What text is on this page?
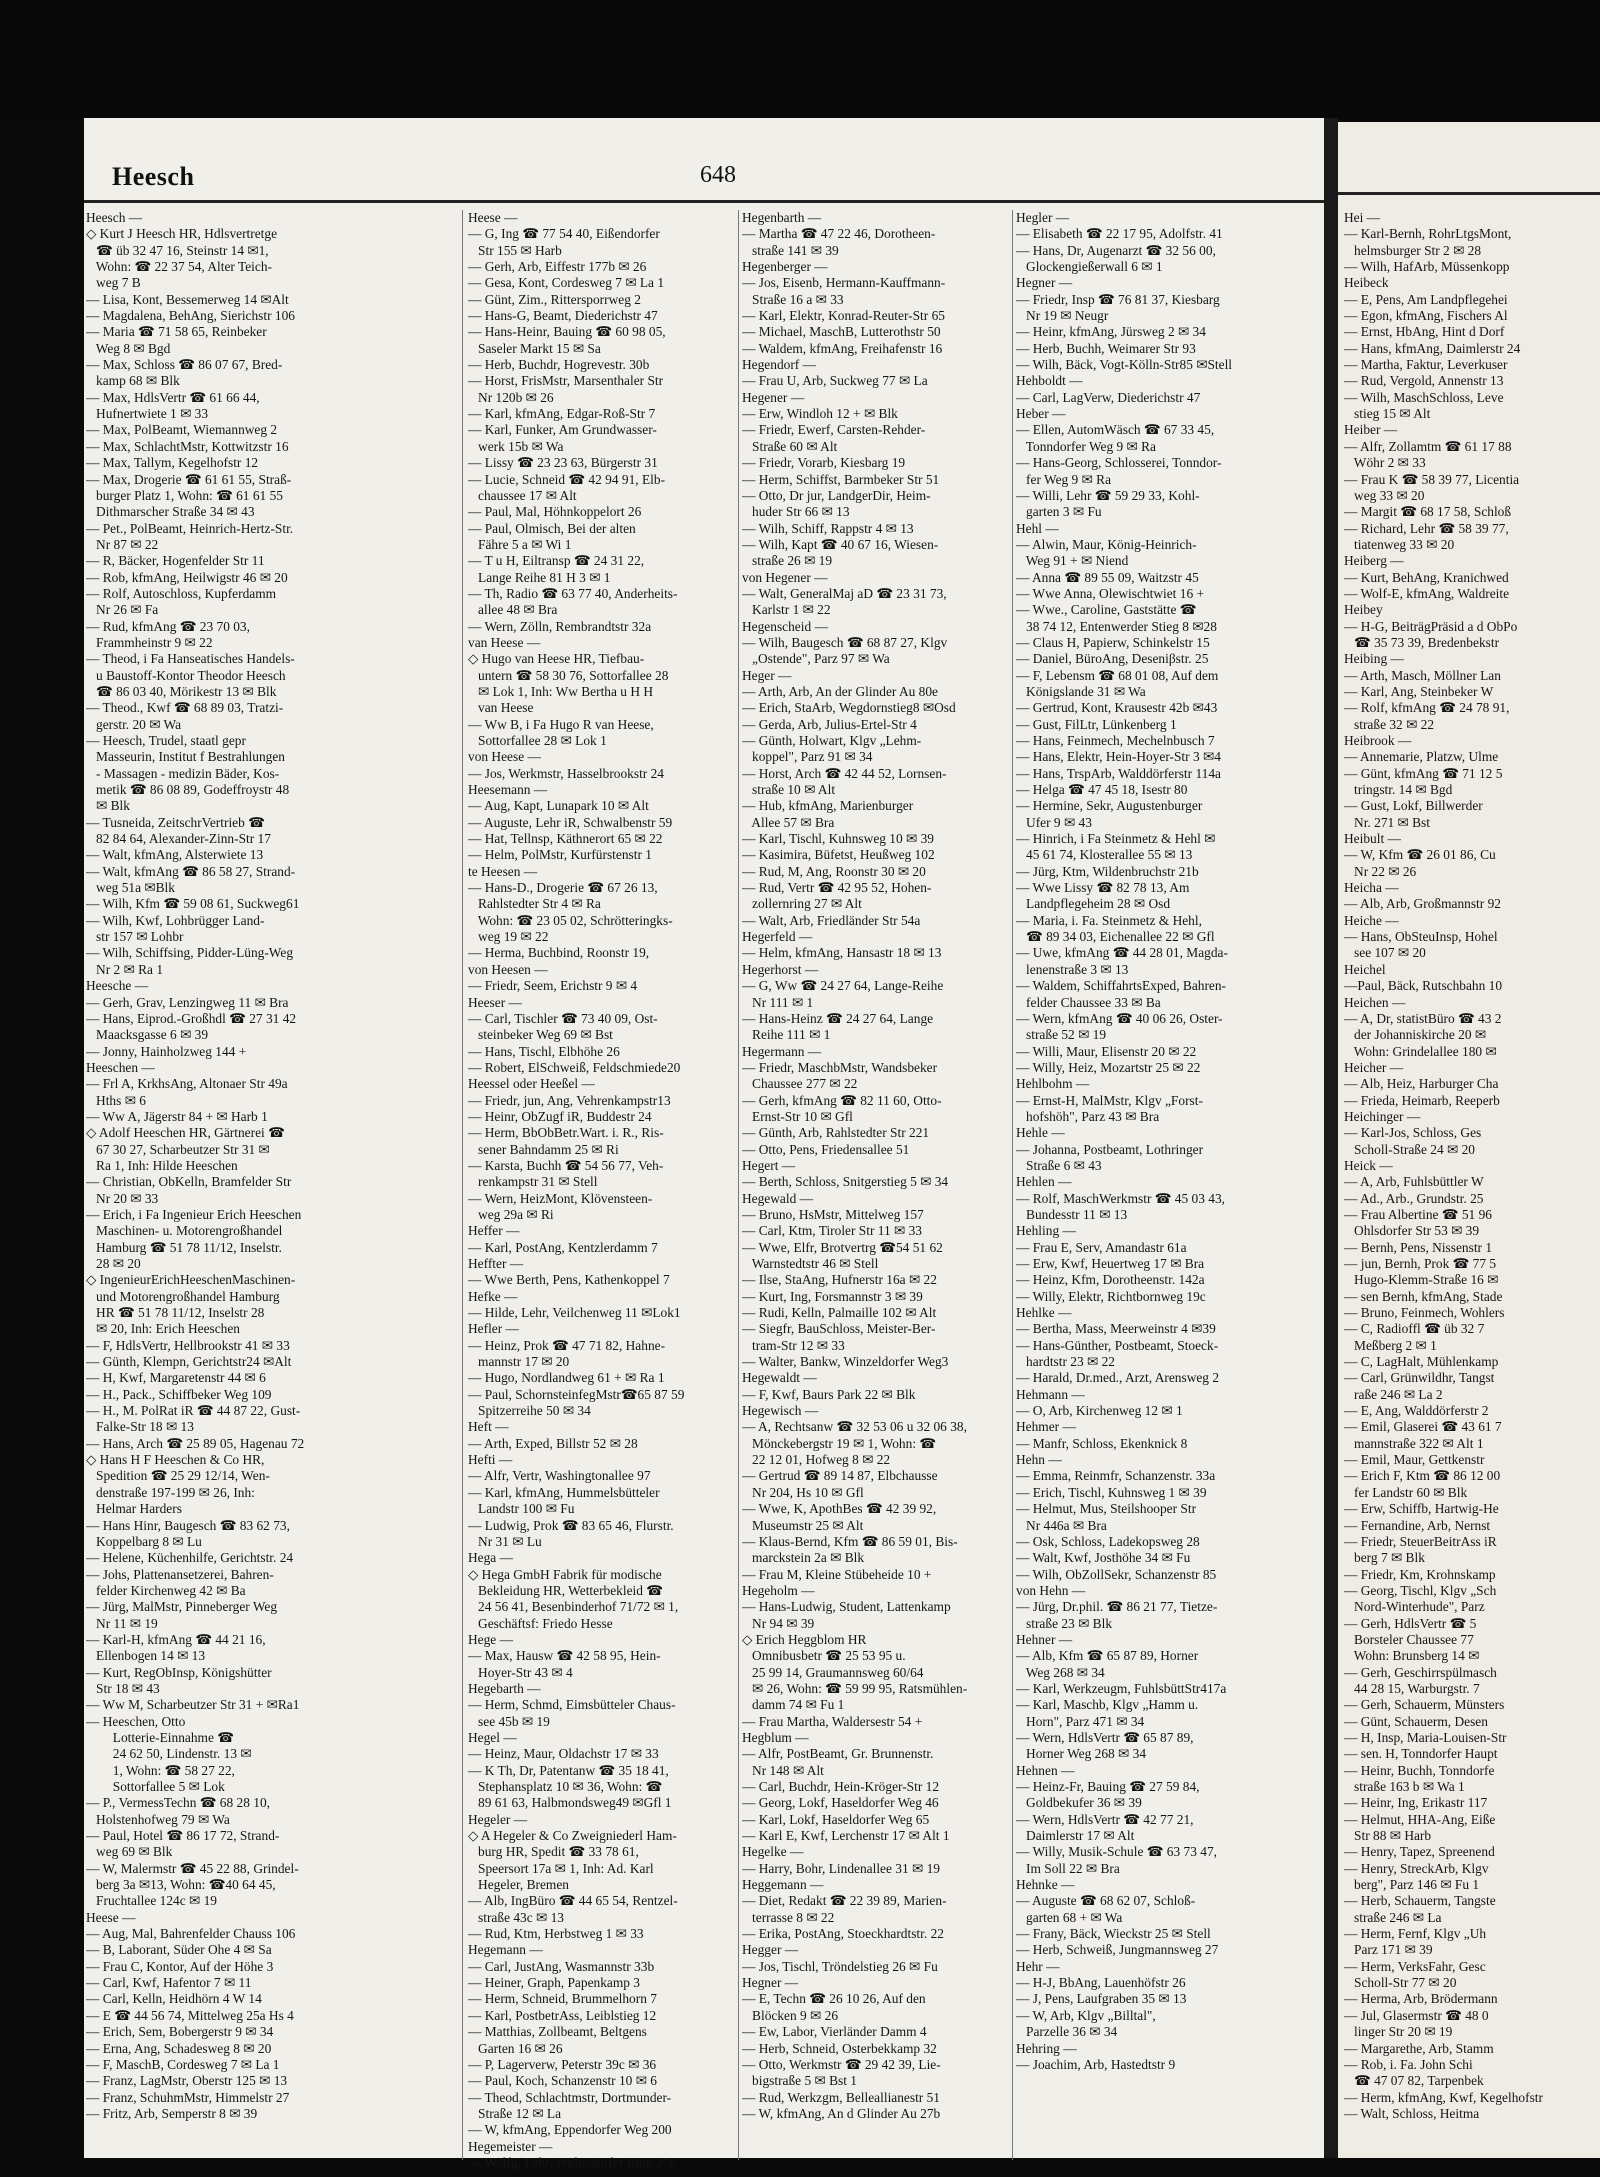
Heesch	648
Heesch —
◇ Kurt J Heesch HR, Hdlsvertretge
☎ üb 32 47 16, Steinstr 14 ✉1,
Wohn: ☎ 22 37 54, Alter Teich-
weg 7 B
— Lisa, Kont, Bessemerweg 14 ✉Alt
— Magdalena, BehAng, Sierichstr 106
— Maria ☎ 71 58 65, Reinbeker
Weg 8 ✉ Bgd
— Max, Schloss ☎ 86 07 67, Bred-
kamp 68 ✉ Blk
— Max, HdlsVertr ☎ 61 66 44,
Hufnertwiete 1 ✉ 33
— Max, PolBeamt, Wiemannweg 2
— Max, SchlachtMstr, Kottwitzstr 16
— Max, Tallym, Kegelhofstr 12
— Max, Drogerie ☎ 61 61 55, Straß-
burger Platz 1, Wohn: ☎ 61 61 55
Dithmarscher Straße 34 ✉ 43
— Pet., PolBeamt, Heinrich-Hertz-Str.
Nr 87 ✉ 22
— R, Bäcker, Hogenfelder Str 11
— Rob, kfmAng, Heilwigstr 46 ✉ 20
— Rolf, Autoschloss, Kupferdamm
Nr 26 ✉ Fa
— Rud, kfmAng ☎ 23 70 03,
Frammheinstr 9 ✉ 22
— Theod, i Fa Hanseatisches Handels-
u Baustoff-Kontor Theodor Heesch
☎ 86 03 40, Mörikestr 13 ✉ Blk
— Theod., Kwf ☎ 68 89 03, Tratzi-
gerstr. 20 ✉ Wa
— Heesch, Trudel, staatl gepr
Masseurin, Institut f Bestrahlungen
- Massagen - medizin Bäder, Kos-
metik ☎ 86 08 89, Godeffroystr 48
✉ Blk
— Tusneida, ZeitschrVertrieb ☎
82 84 64, Alexander-Zinn-Str 17
— Walt, kfmAng, Alsterwiete 13
— Walt, kfmAng ☎ 86 58 27, Strand-
weg 51a ✉Blk
— Wilh, Kfm ☎ 59 08 61, Suckweg61
— Wilh, Kwf, Lohbrügger Land-
str 157 ✉ Lohbr
— Wilh, Schiffsing, Pidder-Lüng-Weg
Nr 2 ✉ Ra 1
Heesche —
— Gerh, Grav, Lenzingweg 11 ✉ Bra
— Hans, Eiprod.-Großhdl ☎ 27 31 42
Maacksgasse 6 ✉ 39
— Jonny, Hainholzweg 144 +
Heeschen —
— Frl A, KrkhsAng, Altonaer Str 49a
Hths ✉ 6
— Ww A, Jägerstr 84 + ✉ Harb 1
◇ Adolf Heeschen HR, Gärtnerei ☎
67 30 27, Scharbeutzer Str 31 ✉
Ra 1, Inh: Hilde Heeschen
— Christian, ObKelln, Bramfelder Str
Nr 20 ✉ 33
— Erich, i Fa Ingenieur Erich Heeschen
Maschinen- u. Motorengroßhandel
Hamburg ☎ 51 78 11/12, Inselstr.
28 ✉ 20
◇ IngenieurErichHeeschenMaschinen-
und Motorengroßhandel Hamburg
HR ☎ 51 78 11/12, Inselstr 28
✉ 20, Inh: Erich Heeschen
— F, HdlsVertr, Hellbrookstr 41 ✉ 33
— Günth, Klempn, Gerichtstr24 ✉Alt
— H, Kwf, Margaretenstr 44 ✉ 6
— H., Pack., Schiffbeker Weg 109
— H., M. PolRat iR ☎ 44 87 22, Gust-
Falke-Str 18 ✉ 13
— Hans, Arch ☎ 25 89 05, Hagenau 72
◇ Hans H F Heeschen & Co HR,
Spedition ☎ 25 29 12/14, Wen-
denstraße 197-199 ✉ 26, Inh:
Helmar Harders
— Hans Hinr, Baugesch ☎ 83 62 73,
Koppelbarg 8 ✉ Lu
— Helene, Küchenhilfe, Gerichtstr. 24
— Johs, Plattenansetzerei, Bahren-
felder Kirchenweg 42 ✉ Ba
— Jürg, MalMstr, Pinneberger Weg
Nr 11 ✉ 19
— Karl-H, kfmAng ☎ 44 21 16,
Ellenbogen 14 ✉ 13
— Kurt, RegObInsp, Königshütter
Str 18 ✉ 43
— Ww M, Scharbeutzer Str 31 + ✉Ra1
— Heeschen, Otto
Lotterie-Einnahme ☎
24 62 50, Lindenstr. 13 ✉
1, Wohn: ☎ 58 27 22,
Sottorfallee 5 ✉ Lok
— P., VermessTechn ☎ 68 28 10,
Holstenhofweg 79 ✉ Wa
— Paul, Hotel ☎ 86 17 72, Strand-
weg 69 ✉ Blk
— W, Malermstr ☎ 45 22 88, Grindel-
berg 3a ✉13, Wohn: ☎40 64 45,
Fruchtallee 124c ✉ 19
Heese —
— Aug, Mal, Bahrenfelder Chauss 106
— B, Laborant, Süder Ohe 4 ✉ Sa
— Frau C, Kontor, Auf der Höhe 3
— Carl, Kwf, Hafentor 7 ✉ 11
— Carl, Kelln, Heidhörn 4 W 14
— E ☎ 44 56 74, Mittelweg 25a Hs 4
— Erich, Sem, Bobergerstr 9 ✉ 34
— Erna, Ang, Schadesweg 8 ✉ 20
— F, MaschB, Cordesweg 7 ✉ La 1
— Franz, LagMstr, Oberstr 125 ✉ 13
— Franz, SchuhmMstr, Himmelstr 27
— Fritz, Arb, Semperstr 8 ✉ 39
Heese —
— G, Ing ☎ 77 54 40, Eißendorfer
Str 155 ✉ Harb
— Gerh, Arb, Eiffestr 177b ✉ 26
— Gesa, Kont, Cordesweg 7 ✉ La 1
— Günt, Zim., Rittersporrweg 2
— Hans-G, Beamt, Diederichstr 47
— Hans-Heinr, Bauing ☎ 60 98 05,
Saseler Markt 15 ✉ Sa
— Herb, Buchdr, Hogrevestr. 30b
— Horst, FrisMstr, Marsenthaler Str
Nr 120b ✉ 26
— Karl, kfmAng, Edgar-Roß-Str 7
— Karl, Funker, Am Grundwasser-
werk 15b ✉ Wa
— Lissy ☎ 23 23 63, Bürgerstr 31
— Lucie, Schneid ☎ 42 94 91, Elb-
chaussee 17 ✉ Alt
— Paul, Mal, Höhnkoppelort 26
— Paul, Olmisch, Bei der alten
Fähre 5 a ✉ Wi 1
— T u H, Eiltransp ☎ 24 31 22,
Lange Reihe 81 H 3 ✉ 1
— Th, Radio ☎ 63 77 40, Anderheits-
allee 48 ✉ Bra
— Wern, Zölln, Rembrandtstr 32a
van Heese —
◇ Hugo van Heese HR, Tiefbau-
untern ☎ 58 30 76, Sottorfallee 28
✉ Lok 1, Inh: Ww Bertha u H H
van Heese
— Ww B, i Fa Hugo R van Heese,
Sottorfallee 28 ✉ Lok 1
von Heese —
— Jos, Werkmstr, Hasselbrookstr 24
Heesemann —
— Aug, Kapt, Lunapark 10 ✉ Alt
— Auguste, Lehr iR, Schwalbenstr 59
— Hat, Tellnsp, Käthnerort 65 ✉ 22
— Helm, PolMstr, Kurfürstenstr 1
te Heesen —
— Hans-D., Drogerie ☎ 67 26 13,
Rahlstedter Str 4 ✉ Ra
Wohn: ☎ 23 05 02, Schrötteringks-
weg 19 ✉ 22
— Herma, Buchbind, Roonstr 19,
von Heesen —
— Friedr, Seem, Erichstr 9 ✉ 4
Heeser —
— Carl, Tischler ☎ 73 40 09, Ost-
steinbeker Weg 69 ✉ Bst
— Hans, Tischl, Elbhöhe 26
— Robert, ElSchweiß, Feldschmiede20
Heessel oder Heeßel —
— Friedr, jun, Ang, Vehrenkampstr13
— Heinr, ObZugf iR, Buddestr 24
— Herm, BbObBetr.Wart. i. R., Ris-
sener Bahndamm 25 ✉ Ri
— Karsta, Buchh ☎ 54 56 77, Veh-
renkampstr 31 ✉ Stell
— Wern, HeizMont, Klövensteen-
weg 29a ✉ Ri
Heffer —
— Karl, PostAng, Kentzlerdamm 7
Heffter —
— Wwe Berth, Pens, Kathenkoppel 7
Hefke —
— Hilde, Lehr, Veilchenweg 11 ✉Lok1
Hefler —
— Heinz, Prok ☎ 47 71 82, Hahne-
mannstr 17 ✉ 20
— Hugo, Nordlandweg 61 + ✉ Ra 1
— Paul, SchornsteinfegMstr☎65 87 59
Spitzerreihe 50 ✉ 34
Heft —
— Arth, Exped, Billstr 52 ✉ 28
Hefti —
— Alfr, Vertr, Washingtonallee 97
— Karl, kfmAng, Hummelsbütteler
Landstr 100 ✉ Fu
— Ludwig, Prok ☎ 83 65 46, Flurstr.
Nr 31 ✉ Lu
Hega —
◇ Hega GmbH Fabrik für modische
Bekleidung HR, Wetterbekleid ☎
24 56 41, Besenbinderhof 71/72 ✉ 1,
Geschäftsf: Friedo Hesse
Hege —
— Max, Hausw ☎ 42 58 95, Hein-
Hoyer-Str 43 ✉ 4
Hegebarth —
— Herm, Schmd, Eimsbütteler Chaus-
see 45b ✉ 19
Hegel —
— Heinz, Maur, Oldachstr 17 ✉ 33
— K Th, Dr, Patentanw ☎ 35 18 41,
Stephansplatz 10 ✉ 36, Wohn: ☎
89 61 63, Halbmondsweg49 ✉Gfl 1
Hegeler —
◇ A Hegeler & Co Zweigniederl Ham-
burg HR, Spedit ☎ 33 78 61,
Speersort 17a ✉ 1, Inh: Ad. Karl
Hegeler, Bremen
— Alb, IngBüro ☎ 44 65 54, Rentzel-
straße 43c ✉ 13
— Rud, Ktm, Herbstweg 1 ✉ 33
Hegemann —
— Carl, JustAng, Wasmannstr 33b
— Heiner, Graph, Papenkamp 3
— Herm, Schneid, Brummelhorn 7
— Karl, PostbetrAss, Leiblstieg 12
— Matthias, Zollbeamt, Beltgens
Garten 16 ✉ 26
— P, Lagerverw, Peterstr 39c ✉ 36
— Paul, Koch, Schanzenstr 10 ✉ 6
— Theod, Schlachtmstr, Dortmunder-
Straße 12 ✉ La
— W, kfmAng, Eppendorfer Weg 200
Hegemeister —
— Wolfg, Lehr, Wulmstorfer Ring 27c
Hegenbarth —
— Martha ☎ 47 22 46, Dorotheen-
straße 141 ✉ 39
Hegenberger —
— Jos, Eisenb, Hermann-Kauffmann-
Straße 16 a ✉ 33
— Karl, Elektr, Konrad-Reuter-Str 65
— Michael, MaschB, Lutterothstr 50
— Waldem, kfmAng, Freihafenstr 16
Hegendorf —
— Frau U, Arb, Suckweg 77 ✉ La
Hegener —
— Erw, Windloh 12 + ✉ Blk
— Friedr, Ewerf, Carsten-Rehder-
Straße 60 ✉ Alt
— Friedr, Vorarb, Kiesbarg 19
— Herm, Schiffst, Barmbeker Str 51
— Otto, Dr jur, LandgerDir, Heim-
huder Str 66 ✉ 13
— Wilh, Schiff, Rappstr 4 ✉ 13
— Wilh, Kapt ☎ 40 67 16, Wiesen-
straße 26 ✉ 19
von Hegener —
— Walt, GeneralMaj aD ☎ 23 31 73,
Karlstr 1 ✉ 22
Hegenscheid —
— Wilh, Baugesch ☎ 68 87 27, Klgv
„Ostende", Parz 97 ✉ Wa
Heger —
— Arth, Arb, An der Glinder Au 80e
— Erich, StaArb, Wegdornstieg8 ✉Osd
— Gerda, Arb, Julius-Ertel-Str 4
— Günth, Holwart, Klgv „Lehm-
koppel", Parz 91 ✉ 34
— Horst, Arch ☎ 42 44 52, Lornsen-
straße 10 ✉ Alt
— Hub, kfmAng, Marienburger
Allee 57 ✉ Bra
— Karl, Tischl, Kuhnsweg 10 ✉ 39
— Kasimira, Büfetst, Heußweg 102
— Rud, M, Ang, Roonstr 30 ✉ 20
— Rud, Vertr ☎ 42 95 52, Hohen-
zollernring 27 ✉ Alt
— Walt, Arb, Friedländer Str 54a
Hegerfeld —
— Helm, kfmAng, Hansastr 18 ✉ 13
Hegerhorst —
— G, Ww ☎ 24 27 64, Lange-Reihe
Nr 111 ✉ 1
— Hans-Heinz ☎ 24 27 64, Lange
Reihe 111 ✉ 1
Hegermann —
— Friedr, MaschbMstr, Wandsbeker
Chaussee 277 ✉ 22
— Gerh, kfmAng ☎ 82 11 60, Otto-
Ernst-Str 10 ✉ Gfl
— Günth, Arb, Rahlstedter Str 221
— Otto, Pens, Friedensallee 51
Hegert —
— Berth, Schloss, Snitgerstieg 5 ✉ 34
Hegewald —
— Bruno, HsMstr, Mittelweg 157
— Carl, Ktm, Tiroler Str 11 ✉ 33
— Wwe, Elfr, Brotvertrg ☎54 51 62
Warnstedtstr 46 ✉ Stell
— Ilse, StaAng, Hufnerstr 16a ✉ 22
— Kurt, Ing, Forsmannstr 3 ✉ 39
— Rudi, Kelln, Palmaille 102 ✉ Alt
— Siegfr, BauSchloss, Meister-Ber-
tram-Str 12 ✉ 33
— Walter, Bankw, Winzeldorfer Weg3
Hegewaldt —
— F, Kwf, Baurs Park 22 ✉ Blk
Hegewisch —
— A, Rechtsanw ☎ 32 53 06 u 32 06 38,
Mönckebergstr 19 ✉ 1, Wohn: ☎
22 12 01, Hofweg 8 ✉ 22
— Gertrud ☎ 89 14 87, Elbchausse
Nr 204, Hs 10 ✉ Gfl
— Wwe, K, ApothBes ☎ 42 39 92,
Museumstr 25 ✉ Alt
— Klaus-Bernd, Kfm ☎ 86 59 01, Bis-
marckstein 2a ✉ Blk
— Frau M, Kleine Stübeheide 10 +
Hegeholm —
— Hans-Ludwig, Student, Lattenkamp
Nr 94 ✉ 39
◇ Erich Heggblom HR
Omnibusbetr ☎ 25 53 95 u.
25 99 14, Graumannsweg 60/64
✉ 26, Wohn: ☎ 59 99 95, Ratsmühlen-
damm 74 ✉ Fu 1
— Frau Martha, Waldersestr 54 +
Hegblum —
— Alfr, PostBeamt, Gr. Brunnenstr.
Nr 148 ✉ Alt
— Carl, Buchdr, Hein-Kröger-Str 12
— Georg, Lokf, Haseldorfer Weg 46
— Karl, Lokf, Haseldorfer Weg 65
— Karl E, Kwf, Lerchenstr 17 ✉ Alt 1
Hegelke —
— Harry, Bohr, Lindenallee 31 ✉ 19
Heggemann —
— Diet, Redakt ☎ 22 39 89, Marien-
terrasse 8 ✉ 22
— Erika, PostAng, Stoeckhardtstr. 22
Hegger —
— Jos, Tischl, Tröndelstieg 26 ✉ Fu
Hegner —
— E, Techn ☎ 26 10 26, Auf den
Blöcken 9 ✉ 26
— Ew, Labor, Vierländer Damm 4
— Herb, Schneid, Osterbekkamp 32
— Otto, Werkmstr ☎ 29 42 39, Lie-
bigstraße 5 ✉ Bst 1
— Rud, Werkzgm, Belleallianestr 51
— W, kfmAng, An d Glinder Au 27b
Hegler —
— Elisabeth ☎ 22 17 95, Adolfstr. 41
— Hans, Dr, Augenarzt ☎ 32 56 00,
Glockengießerwall 6 ✉ 1
Hegner —
— Friedr, Insp ☎ 76 81 37, Kiesbarg
Nr 19 ✉ Neugr
— Heinr, kfmAng, Jürsweg 2 ✉ 34
— Herb, Buchh, Weimarer Str 93
— Wilh, Bäck, Vogt-Kölln-Str85 ✉Stell
Hehboldt —
— Carl, LagVerw, Diederichstr 47
Heber —
— Ellen, AutomWäsch ☎ 67 33 45,
Tonndorfer Weg 9 ✉ Ra
— Hans-Georg, Schlosserei, Tonndor-
fer Weg 9 ✉ Ra
— Willi, Lehr ☎ 59 29 33, Kohl-
garten 3 ✉ Fu
Hehl —
— Alwin, Maur, König-Heinrich-
Weg 91 + ✉ Niend
— Anna ☎ 89 55 09, Waitzstr 45
— Wwe Anna, Olewischtwiet 16 +
— Wwe., Caroline, Gaststätte ☎
38 74 12, Entenwerder Stieg 8 ✉28
— Claus H, Papierw, Schinkelstr 15
— Daniel, BüroAng, Deseniβstr. 25
— F, Lebensm ☎ 68 01 08, Auf dem
Königslande 31 ✉ Wa
— Gertrud, Kont, Krausestr 42b ✉43
— Gust, FilLtr, Lünkenberg 1
— Hans, Feinmech, Mechelnbusch 7
— Hans, Elektr, Hein-Hoyer-Str 3 ✉4
— Hans, TrspArb, Walddörferstr 114a
— Helga ☎ 47 45 18, Isestr 80
— Hermine, Sekr, Augustenburger
Ufer 9 ✉ 43
— Hinrich, i Fa Steinmetz & Hehl ✉
45 61 74, Klosterallee 55 ✉ 13
— Jürg, Ktm, Wildenbruchstr 21b
— Wwe Lissy ☎ 82 78 13, Am
Landpflegeheim 28 ✉ Osd
— Maria, i. Fa. Steinmetz & Hehl,
☎ 89 34 03, Eichenallee 22 ✉ Gfl
— Uwe, kfmAng ☎ 44 28 01, Magda-
lenenstraße 3 ✉ 13
— Waldem, SchiffahrtsExped, Bahren-
felder Chaussee 33 ✉ Ba
— Wern, kfmAng ☎ 40 06 26, Oster-
straße 52 ✉ 19
— Willi, Maur, Elisenstr 20 ✉ 22
— Willy, Heiz, Mozartstr 25 ✉ 22
Hehlbohm —
— Ernst-H, MalMstr, Klgv „Forst-
hofshöh", Parz 43 ✉ Bra
Hehle —
— Johanna, Postbeamt, Lothringer
Straße 6 ✉ 43
Hehlen —
— Rolf, MaschWerkmstr ☎ 45 03 43,
Bundesstr 11 ✉ 13
Hehling —
— Frau E, Serv, Amandastr 61a
— Erw, Kwf, Heuertweg 17 ✉ Bra
— Heinz, Kfm, Dorotheenstr. 142a
— Willy, Elektr, Richtbornweg 19c
Hehlke —
— Bertha, Mass, Meerweinstr 4 ✉39
— Hans-Günther, Postbeamt, Stoeck-
hardtstr 23 ✉ 22
— Harald, Dr.med., Arzt, Arensweg 2
Hehmann —
— O, Arb, Kirchenweg 12 ✉ 1
Hehmer —
— Manfr, Schloss, Ekenknick 8
Hehn —
— Emma, Reinmfr, Schanzenstr. 33a
— Erich, Tischl, Kuhnsweg 1 ✉ 39
— Helmut, Mus, Steilshooper Str
Nr 446a ✉ Bra
— Osk, Schloss, Ladekopsweg 28
— Walt, Kwf, Josthöhe 34 ✉ Fu
— Wilh, ObZollSekr, Schanzenstr 85
von Hehn —
— Jürg, Dr.phil. ☎ 86 21 77, Tietze-
straße 23 ✉ Blk
Hehner —
— Alb, Kfm ☎ 65 87 89, Horner
Weg 268 ✉ 34
— Karl, Werkzeugm, FuhlsbüttStr417a
— Karl, Maschb, Klgv „Hamm u.
Horn", Parz 471 ✉ 34
— Wern, HdlsVertr ☎ 65 87 89,
Horner Weg 268 ✉ 34
Hehnen —
— Heinz-Fr, Bauing ☎ 27 59 84,
Goldbekufer 36 ✉ 39
— Wern, HdlsVertr ☎ 42 77 21,
Daimlerstr 17 ✉ Alt
— Willy, Musik-Schule ☎ 63 73 47,
Im Soll 22 ✉ Bra
Hehnke —
— Auguste ☎ 68 62 07, Schloß-
garten 68 + ✉ Wa
— Frany, Bäck, Wieckstr 25 ✉ Stell
— Herb, Schweiß, Jungmannsweg 27
Hehr —
— H-J, BbAng, Lauenhöfstr 26
— J, Pens, Laufgraben 35 ✉ 13
— W, Arb, Klgv „Billtal",
Parzelle 36 ✉ 34
Hehring —
— Joachim, Arb, Hastedtstr 9
Hei —
— Karl-Bernh, RohrLtgsMont,
helmsburger Str 2 ✉ 28
— Wilh, HafArb, Müssenkopp
Heibeck
— E, Pens, Am Landpflegehei
— Egon, kfmAng, Fischers Al
— Ernst, HbAng, Hint d Dorf
— Hans, kfmAng, Daimlerstr 24
— Martha, Faktur, Leverkuser
— Rud, Vergold, Annenstr 13
— Wilh, MaschSchloss, Leve
stieg 15 ✉ Alt
Heiber —
— Alfr, Zollamtm ☎ 61 17 88
Wöhr 2 ✉ 33
— Frau K ☎ 58 39 77, Licentia
weg 33 ✉ 20
— Margit ☎ 68 17 58, Schloß
— Richard, Lehr ☎ 58 39 77,
tiatenweg 33 ✉ 20
Heiberg —
— Kurt, BehAng, Kranichwed
— Wolf-E, kfmAng, Waldreite
Heibey
— H-G, BeiträgPräsid a d ObPo
☎ 35 73 39, Bredenbekstr
Heibing —
— Arth, Masch, Möllner Lan
— Karl, Ang, Steinbeker W
— Rolf, kfmAng ☎ 24 78 91,
straße 32 ✉ 22
Heibrook —
— Annemarie, Platzw, Ulme
— Günt, kfmAng ☎ 71 12 5
tringstr. 14 ✉ Bgd
— Gust, Lokf, Billwerder
Nr. 271 ✉ Bst
Heibult —
— W, Kfm ☎ 26 01 86, Cu
Nr 22 ✉ 26
Heicha —
— Alb, Arb, Großmannstr 92
Heiche —
— Hans, ObSteuInsp, Hohel
see 107 ✉ 20
Heichel
—Paul, Bäck, Rutschbahn 10
Heichen —
— A, Dr, statistBüro ☎ 43 2
der Johanniskirche 20 ✉
Wohn: Grindelallee 180 ✉
Heicher —
— Alb, Heiz, Harburger Cha
— Frieda, Heimarb, Reeperb
Heichinger —
— Karl-Jos, Schloss, Ges
Scholl-Straße 24 ✉ 20
Heick —
— A, Arb, Fuhlsbüttler W
— Ad., Arb., Grundstr. 25
— Frau Albertine ☎ 51 96
Ohlsdorfer Str 53 ✉ 39
— Bernh, Pens, Nissenstr 1
— jun, Bernh, Prok ☎ 77 5
Hugo-Klemm-Straße 16 ✉
— sen Bernh, kfmAng, Stade
— Bruno, Feinmech, Wohlers
— C, Radioffl ☎ üb 32 7
Meßberg 2 ✉ 1
— C, LagHalt, Mühlenkamp
— Carl, Grünwildhr, Tangst
raße 246 ✉ La 2
— E, Ang, Walddörferstr 2
— Emil, Glaserei ☎ 43 61 7
mannstraße 322 ✉ Alt 1
— Emil, Maur, Gettkenstr
— Erich F, Ktm ☎ 86 12 00
fer Landstr 60 ✉ Blk
— Erw, Schiffb, Hartwig-He
— Fernandine, Arb, Nernst
— Friedr, SteuerBeitrAss iR
berg 7 ✉ Blk
— Friedr, Km, Krohnskamp
— Georg, Tischl, Klgv „Sch
Nord-Winterhude", Parz
— Gerh, HdlsVertr ☎ 5
Borsteler Chaussee 77
Wohn: Brunsberg 14 ✉
— Gerh, Geschirrspülmasch
44 28 15, Warburgstr. 7
— Gerh, Schauerm, Münsters
— Günt, Schauerm, Desen
— H, Insp, Maria-Louisen-Str
— sen. H, Tonndorfer Haupt
— Heinr, Buchh, Tonndorfe
straße 163 b ✉ Wa 1
— Heinr, Ing, Erikastr 117
— Helmut, HHA-Ang, Eiße
Str 88 ✉ Harb
— Henry, Tapez, Spreenend
— Henry, StreckArb, Klgv
berg", Parz 146 ✉ Fu 1
— Herb, Schauerm, Tangste
straße 246 ✉ La
— Herm, Fernf, Klgv „Uh
Parz 171 ✉ 39
— Herm, VerksFahr, Gesc
Scholl-Str 77 ✉ 20
— Herma, Arb, Brödermann
— Jul, Glasermstr ☎ 48 0
linger Str 20 ✉ 19
— Margarethe, Arb, Stamm
— Rob, i. Fa. John Schi
☎ 47 07 82, Tarpenbek
— Herm, kfmAng, Kwf, Kegelhofstr
— Walt, Schloss, Heitma
